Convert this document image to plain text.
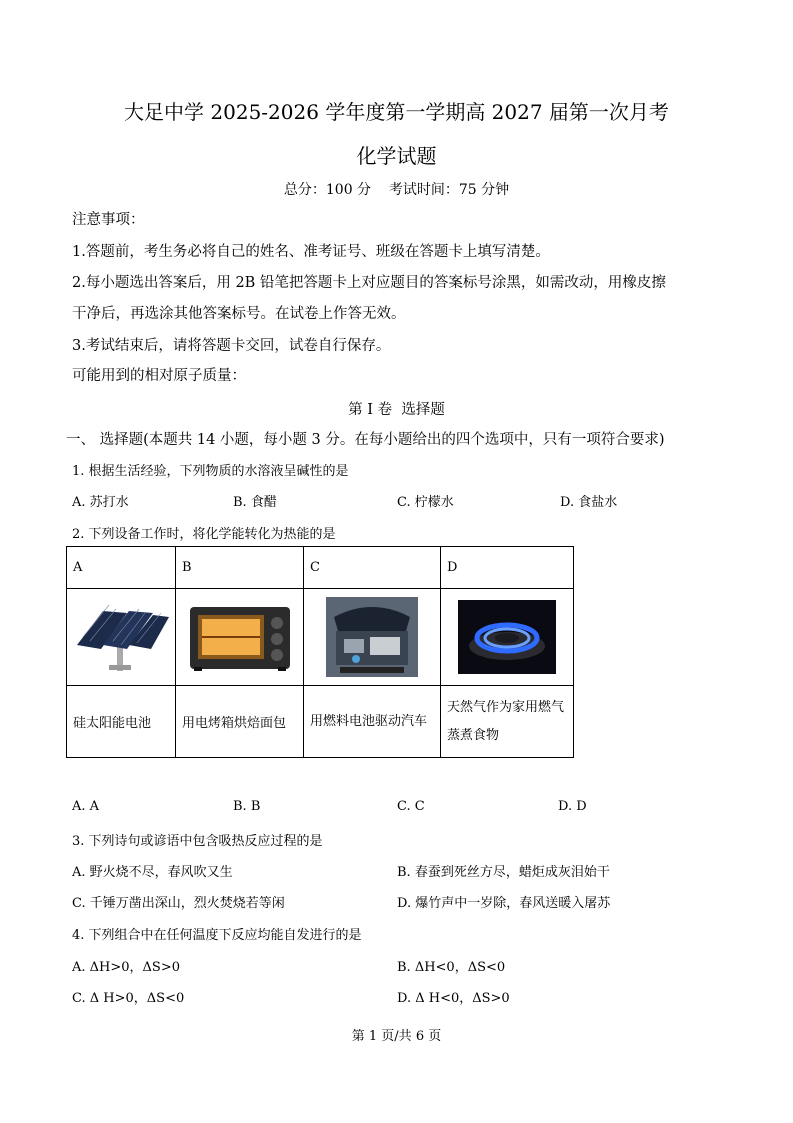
大足中学 2025-2026 学年度第一学期高 2027 届第一次月考
化学试题
总分：100 分    考试时间：75 分钟
注意事项：
1.答题前，考生务必将自己的姓名、准考证号、班级在答题卡上填写清楚。
2.每小题选出答案后，用 2B 铅笔把答题卡上对应题目的答案标号涂黑，如需改动，用橡皮擦
干净后，再选涂其他答案标号。在试卷上作答无效。
3.考试结束后，请将答题卡交回，试卷自行保存。
可能用到的相对原子质量：
第 I 卷  选择题
一、 选择题(本题共 14 小题，每小题 3 分。在每小题给出的四个选项中，只有一项符合要求)
1. 根据生活经验，下列物质的水溶液呈碱性的是
A. 苏打水	B. 食醋	C. 柠檬水	D. 食盐水
2. 下列设备工作时，将化学能转化为热能的是
A	B	C	D

硅太阳能电池	用电烤箱烘焙面包	用燃料电池驱动汽车	天然气作为家用燃气蒸煮食物
A. A	B. B	C. C	D. D
3. 下列诗句或谚语中包含吸热反应过程的是
A. 野火烧不尽，春风吹又生	B. 春蚕到死丝方尽，蜡炬成灰泪始干
C. 千锤万凿出深山，烈火焚烧若等闲	D. 爆竹声中一岁除，春风送暖入屠苏
4. 下列组合中在任何温度下反应均能自发进行的是
A. ΔH>0，ΔS>0	B. ΔH<0，ΔS<0
C. Δ H>0，ΔS<0	D. Δ H<0，ΔS>0
第 1 页/共 6 页
